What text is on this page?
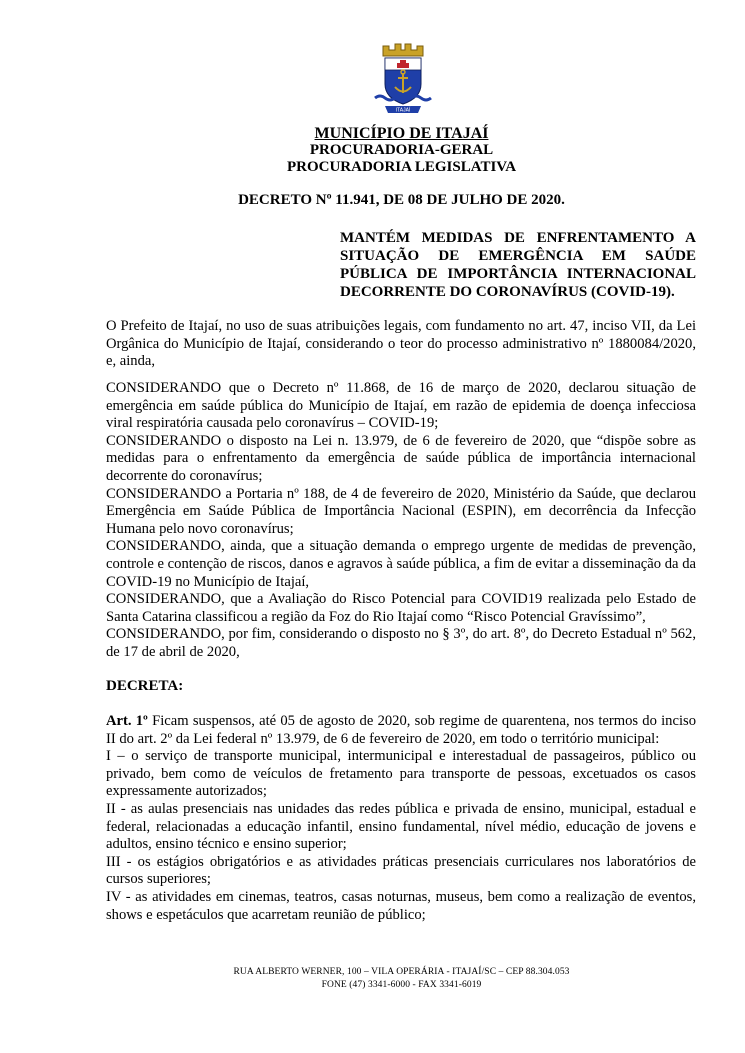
ITAJAÍ
MUNICÍPIO DE ITAJAÍ
PROCURADORIA-GERAL
PROCURADORIA LEGISLATIVA
DECRETO Nº 11.941, DE 08 DE JULHO DE 2020.
MANTÉM MEDIDAS DE ENFRENTAMENTO A
SITUAÇÃO DE EMERGÊNCIA EM SAÚDE
PÚBLICA DE IMPORTÂNCIA INTERNACIONAL
DECORRENTE DO CORONAVÍRUS (COVID-19).

O Prefeito de Itajaí, no uso de suas atribuições legais, com fundamento no art. 47, inciso VII, da Lei Orgânica do Município de Itajaí, considerando o teor do processo administrativo nº 1880084/2020, e, ainda,

CONSIDERANDO que o Decreto nº 11.868, de 16 de março de 2020, declarou situação de emergência em saúde pública do Município de Itajaí, em razão de epidemia de doença infecciosa viral respiratória causada pelo coronavírus – COVID-19;

CONSIDERANDO o disposto na Lei n. 13.979, de 6 de fevereiro de 2020, que “dispõe sobre as medidas para o enfrentamento da emergência de saúde pública de importância internacional decorrente do coronavírus;

CONSIDERANDO a Portaria nº 188, de 4 de fevereiro de 2020, Ministério da Saúde, que declarou Emergência em Saúde Pública de Importância Nacional (ESPIN), em decorrência da Infecção Humana pelo novo coronavírus;

CONSIDERANDO, ainda, que a situação demanda o emprego urgente de medidas de prevenção, controle e contenção de riscos, danos e agravos à saúde pública, a fim de evitar a disseminação da da COVID-19 no Município de Itajaí,

CONSIDERANDO, que a Avaliação do Risco Potencial para COVID19 realizada pelo Estado de Santa Catarina classificou a região da Foz do Rio Itajaí como “Risco Potencial Gravíssimo”,

CONSIDERANDO, por fim, considerando o disposto no § 3º, do art. 8º, do Decreto Estadual nº 562, de 17 de abril de 2020,

DECRETA:

Art. 1º Ficam suspensos, até 05 de agosto de 2020, sob regime de quarentena, nos termos do inciso II do art. 2º da Lei federal nº 13.979, de 6 de fevereiro de 2020, em todo o território municipal:

I – o serviço de transporte municipal, intermunicipal e interestadual de passageiros, público ou privado, bem como de veículos de fretamento para transporte de pessoas, excetuados os casos expressamente autorizados;

II - as aulas presenciais nas unidades das redes pública e privada de ensino, municipal, estadual e federal, relacionadas a educação infantil, ensino fundamental, nível médio, educação de jovens e adultos, ensino técnico e ensino superior;

III - os estágios obrigatórios e as atividades práticas presenciais curriculares nos laboratórios de cursos superiores;

IV - as atividades em cinemas, teatros, casas noturnas, museus, bem como a realização de eventos, shows e espetáculos que acarretam reunião de público;

RUA ALBERTO WERNER, 100 – VILA OPERÁRIA - ITAJAÍ/SC – CEP 88.304.053
FONE (47) 3341-6000 - FAX 3341-6019
